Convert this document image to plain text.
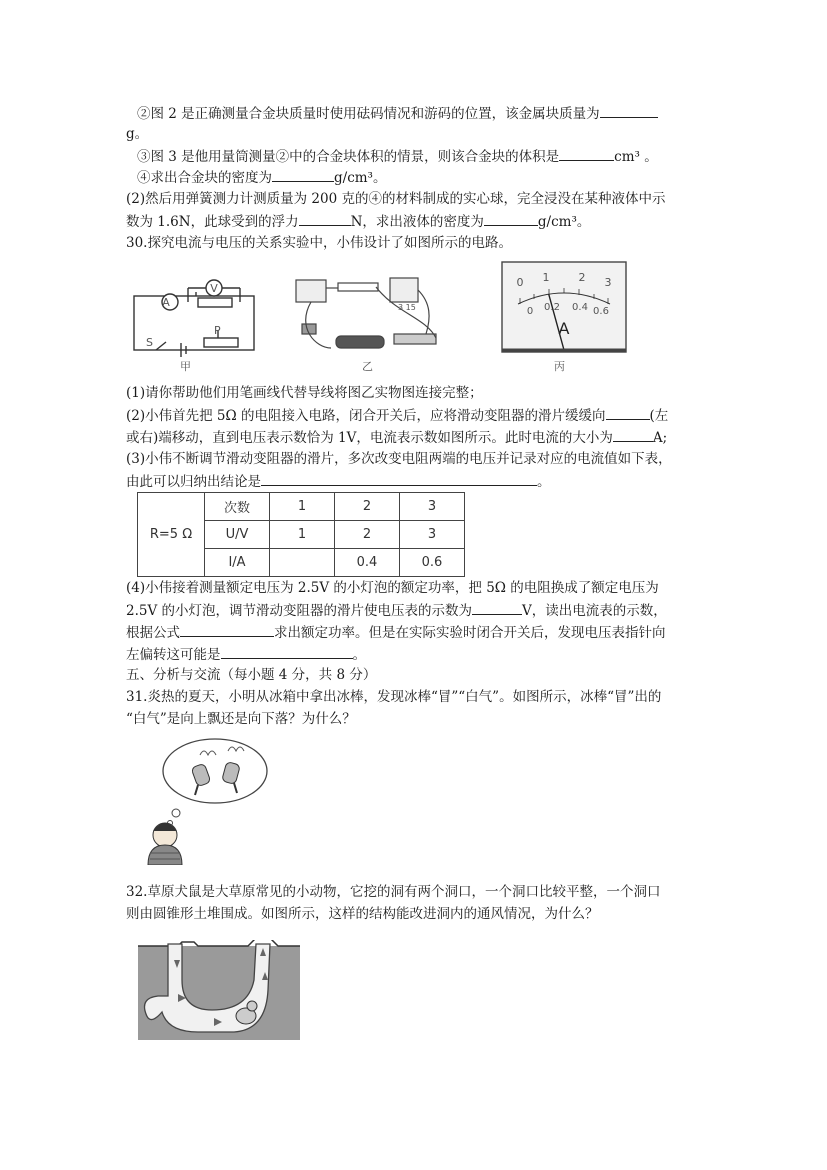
②图 2 是正确测量合金块质量时使用砝码情况和游码的位置，该金属块质量为
g。
③图 3 是他用量筒测量②中的合金块体积的情景，则该合金块的体积是	cm³ 。
④求出合金块的密度为	g/cm³。
(2)然后用弹簧测力计测质量为 200 克的④的材料制成的实心球，完全浸没在某种液体中示
数为 1.6N，此球受到的浮力	N，求出液体的密度为	g/cm³。
30.探究电流与电压的关系实验中，小伟设计了如图所示的电路。
A
V
S
P
甲
3 15
乙
0 1	2 3
0 0.2 0.4 0.6
A
丙
(1)请你帮助他们用笔画线代替导线将图乙实物图连接完整；
(2)小伟首先把 5Ω 的电阻接入电路，闭合开关后，应将滑动变阻器的滑片缓缓向	(左
或右)端移动，直到电压表示数恰为 1V，电流表示数如图所示。此时电流的大小为	A;
(3)小伟不断调节滑动变阻器的滑片，多次改变电阻两端的电压并记录对应的电流值如下表，
由此可以归纳出结论是	。
R=5 Ω	次数	1	2	3
	U/V	1	2	3
	I/A		0.4	0.6
(4)小伟接着测量额定电压为 2.5V 的小灯泡的额定功率，把 5Ω 的电阻换成了额定电压为
2.5V 的小灯泡，调节滑动变阻器的滑片使电压表的示数为	V，读出电流表的示数，
根据公式	求出额定功率。但是在实际实验时闭合开关后，发现电压表指针向
左偏转这可能是	。
五、分析与交流（每小题 4 分，共 8 分）
31.炎热的夏天，小明从冰箱中拿出冰棒，发现冰棒“冒”“白气”。如图所示，冰棒“冒”出的
“白气”是向上飘还是向下落？为什么？
32.草原犬鼠是大草原常见的小动物，它挖的洞有两个洞口，一个洞口比较平整，一个洞口
则由圆锥形土堆围成。如图所示，这样的结构能改进洞内的通风情况，为什么？
